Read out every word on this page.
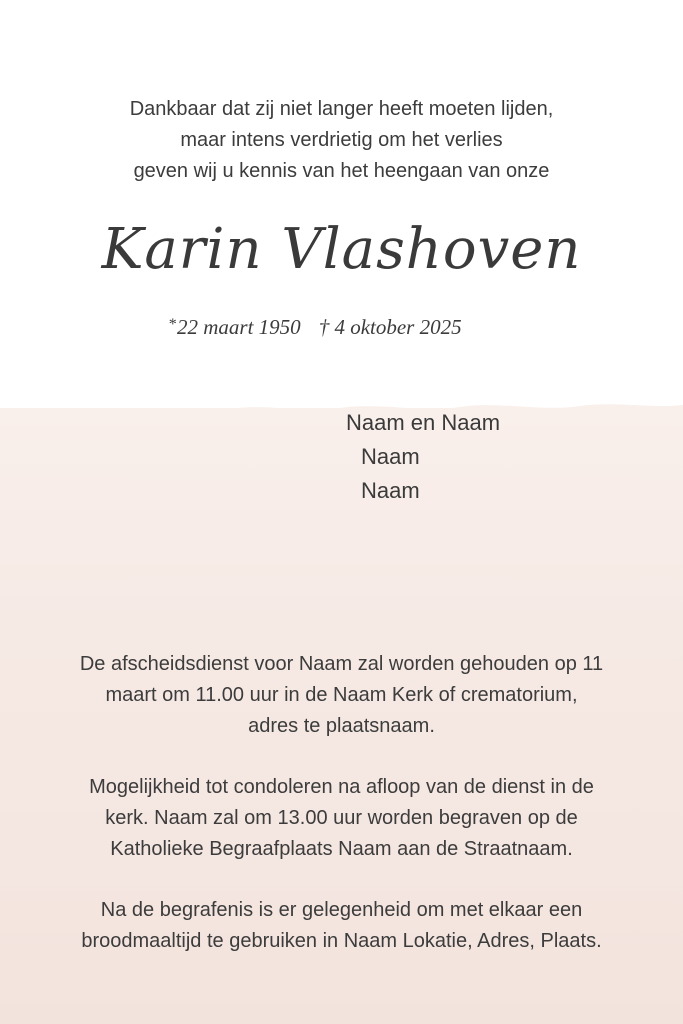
Dankbaar dat zij niet langer heeft moeten lijden,
maar intens verdrietig om het verlies
geven wij u kennis van het heengaan van onze
Karin Vlashoven
*22 maart 1950 † 4 oktober 2025
Naam en Naam
Naam
Naam
De afscheidsdienst voor Naam zal worden gehouden op 11
maart om 11.00 uur in de Naam Kerk of crematorium,
adres te plaatsnaam.
Mogelijkheid tot condoleren na afloop van de dienst in de
kerk. Naam zal om 13.00 uur worden begraven op de
Katholieke Begraafplaats Naam aan de Straatnaam.
Na de begrafenis is er gelegenheid om met elkaar een
broodmaaltijd te gebruiken in Naam Lokatie, Adres, Plaats.
